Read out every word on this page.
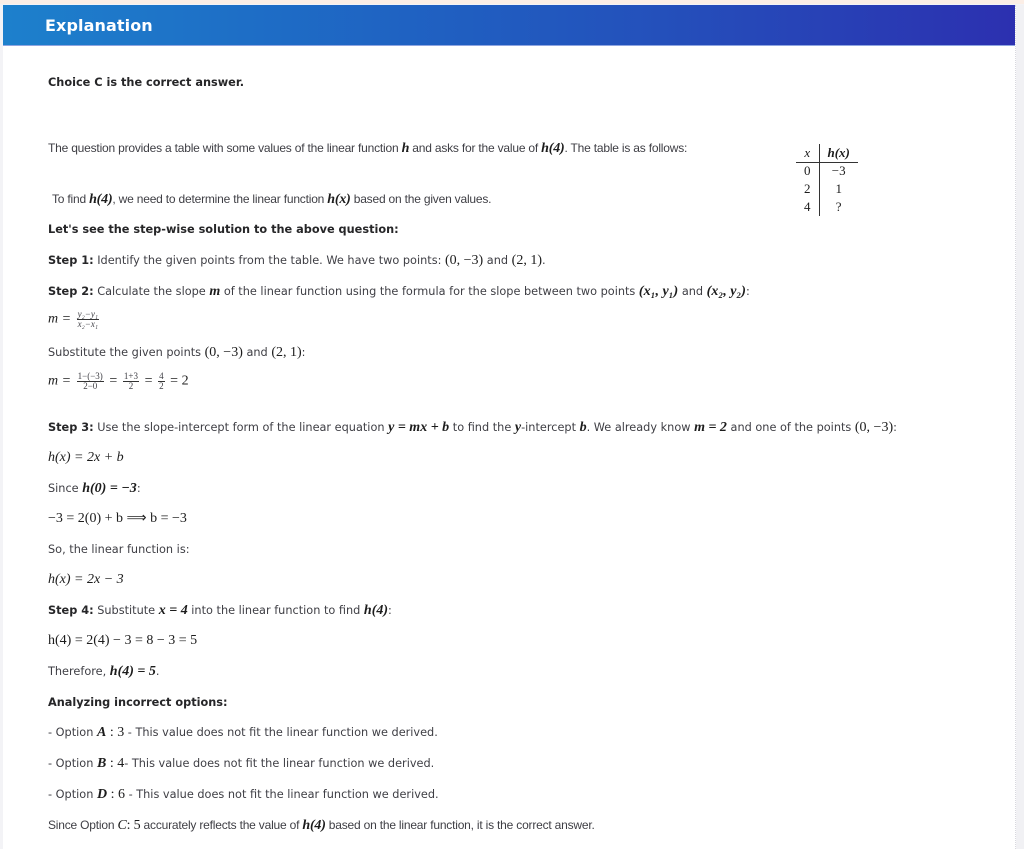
Explanation
Choice C is the correct answer.
The question provides a table with some values of the linear function h and asks for the value of h(4). The table is as follows:	x	h(x)
0	−3
2	1
4	?
To find h(4), we need to determine the linear function h(x) based on the given values.
Let's see the step-wise solution to the above question:
Step 1: Identify the given points from the table. We have two points: (0, −3) and (2, 1).
Step 2: Calculate the slope m of the linear function using the formula for the slope between two points (x₁, y₁) and (x₂, y₂):
$m = \frac{\text{y₂−y₁}}{\text{x₂−x₁}}$
Substitute the given points (0, −3) and (2, 1):
$m = \frac{1-(-3)}{2-0} = \frac{1+3}{2} = \frac{4}{2} = 2$
Step 3: Use the slope-intercept form of the linear equation y = mx + b to find the y-intercept b. We already know m = 2 and one of the points (0, −3):
h(x) = 2x + b
Since h(0) = −3:
−3 = 2(0) + b ⟹ b = −3
So, the linear function is:
h(x) = 2x − 3
Step 4: Substitute x = 4 into the linear function to find h(4):
h(4) = 2(4) − 3 = 8 − 3 = 5
Therefore, h(4) = 5.
Analyzing incorrect options:
- Option A : 3 - This value does not fit the linear function we derived.
- Option B : 4- This value does not fit the linear function we derived.
- Option D : 6 - This value does not fit the linear function we derived.
Since Option C: 5 accurately reflects the value of h(4) based on the linear function, it is the correct answer.
